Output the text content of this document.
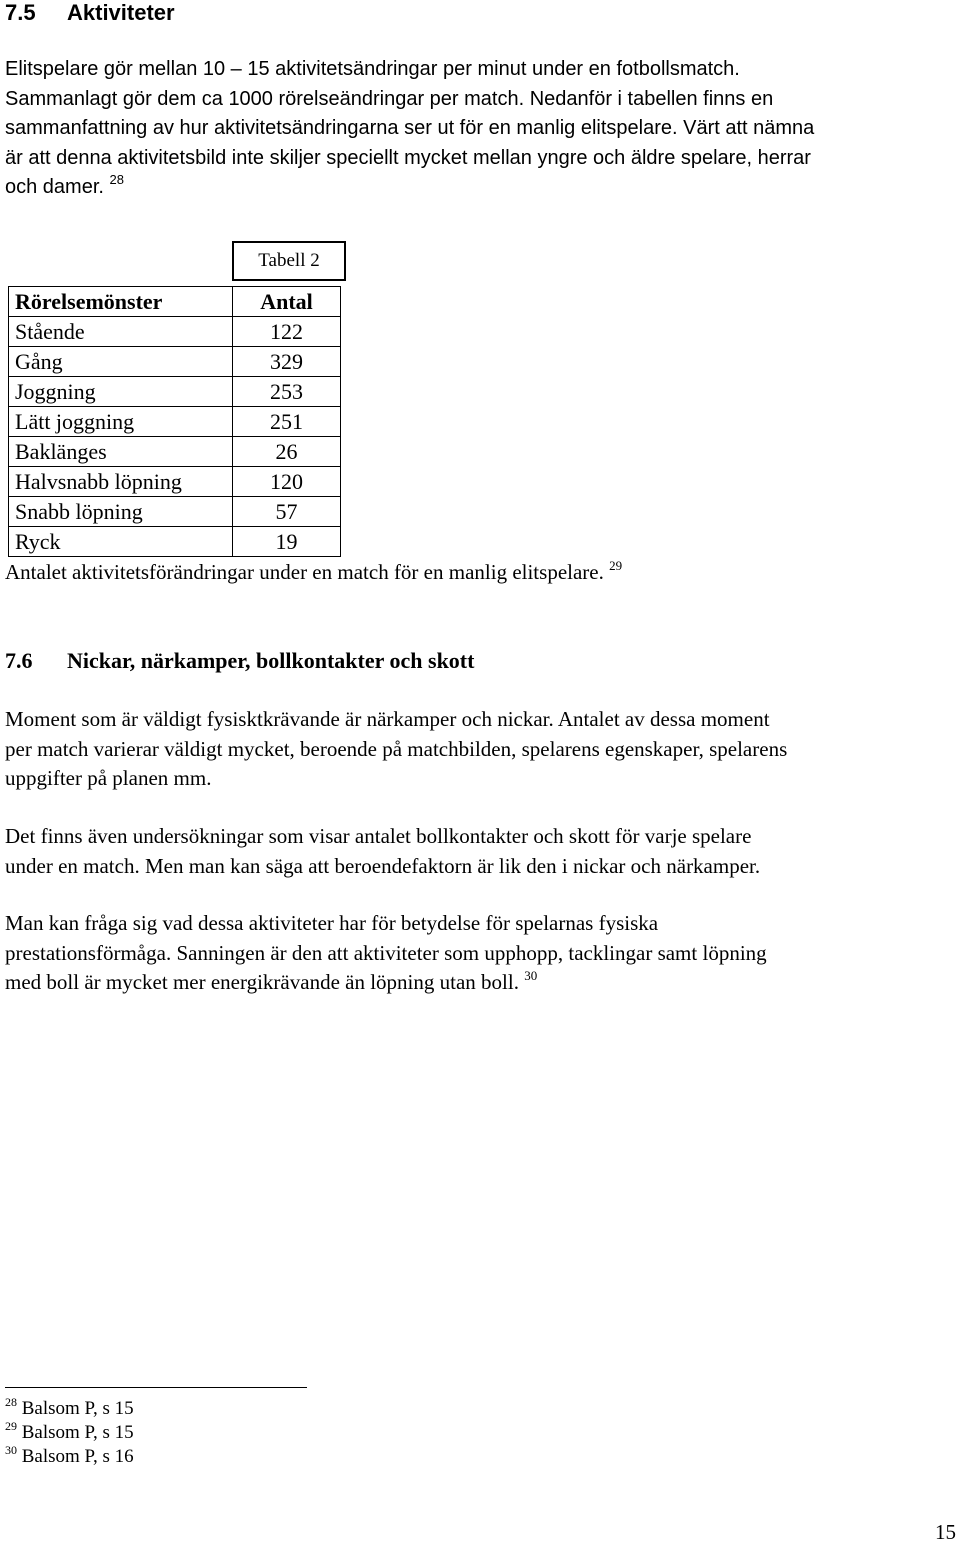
7.5 Aktiviteter
Elitspelare gör mellan 10 – 15 aktivitetsändringar per minut under en fotbollsmatch.
Sammanlagt gör dem ca 1000 rörelseändringar per match. Nedanför i tabellen finns en
sammanfattning av hur aktivitetsändringarna ser ut för en manlig elitspelare. Värt att nämna
är att denna aktivitetsbild inte skiljer speciellt mycket mellan yngre och äldre spelare, herrar
och damer. $^{28}$
Tabell 2
Rörelsemönster	Antal
Stående	122
Gång	329
Joggning	253
Lätt joggning	251
Baklänges	26
Halvsnabb löpning	120
Snabb löpning	57
Ryck	19
Antalet aktivitetsförändringar under en match för en manlig elitspelare. $^{29}$
7.6 Nickar, närkamper, bollkontakter och skott
Moment som är väldigt fysisktkrävande är närkamper och nickar. Antalet av dessa moment
per match varierar väldigt mycket, beroende på matchbilden, spelarens egenskaper, spelarens
uppgifter på planen mm.
Det finns även undersökningar som visar antalet bollkontakter och skott för varje spelare
under en match. Men man kan säga att beroendefaktorn är lik den i nickar och närkamper.
Man kan fråga sig vad dessa aktiviteter har för betydelse för spelarnas fysiska
prestationsförmåga. Sanningen är den att aktiviteter som upphopp, tacklingar samt löpning
med boll är mycket mer energikrävande än löpning utan boll. $^{30}$
$^{28}$ Balsom P, s 15
$^{29}$ Balsom P, s 15
$^{30}$ Balsom P, s 16
15
